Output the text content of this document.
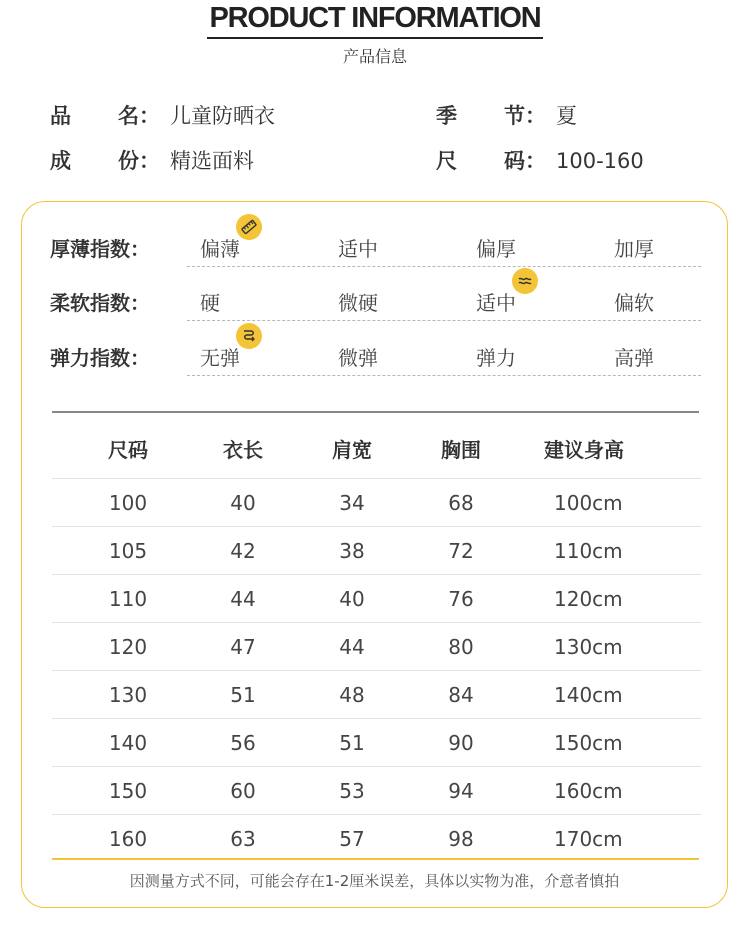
PRODUCT INFORMATION
产品信息
品 名： 儿童防晒衣	季 节： 夏
成 份： 精选面料	尺 码： 100-160
尺码	衣长	肩宽	胸围	建议身高
100	40	34	68	100cm
105	42	38	72	110cm
110	44	40	76	120cm
120	47	44	80	130cm
130	51	48	84	140cm
140	56	51	90	150cm
150	60	53	94	160cm
160	63	57	98	170cm
因测量方式不同，可能会存在1-2厘米误差，具体以实物为准，介意者慎拍
厚薄指数：	偏薄	适中	偏厚	加厚
柔软指数：	硬	微硬	适中	偏软
弹力指数：	无弹	微弹	弹力	高弹
